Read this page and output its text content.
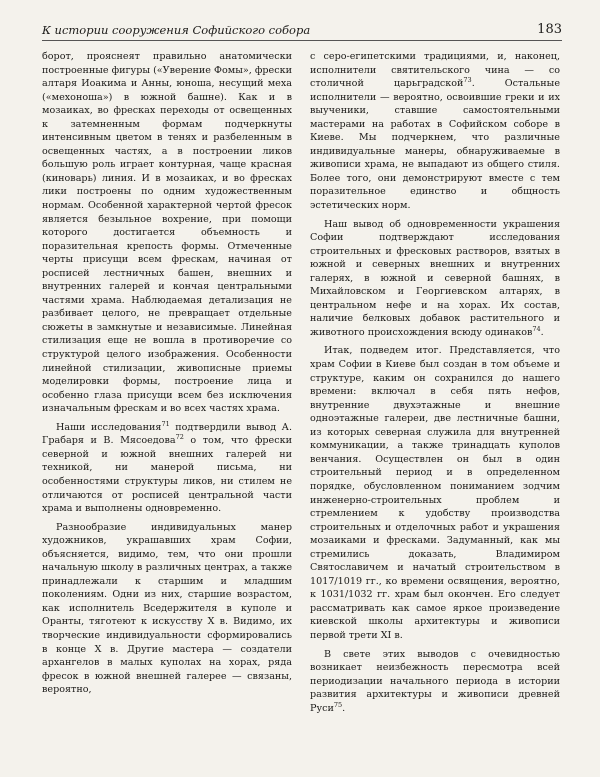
К истории сооружения Софийского собора	183

борот, прояснеят правильно анатомически построенные фигуры («Уверение Фомы», фрески алтаря Иоакима и Анны, юноша, несущий меха («мехоноша») в южной башне). Как и в мозаиках, во фресках переходы от освещенных к затемненным формам подчеркнуты интенсивным цветом в тенях и разбеленным в освещенных частях, а в построении ликов большую роль играет контурная, чаще красная (киноварь) линия. И в мозаиках, и во фресках лики построены по одним художественным нормам. Особенной характерной чертой фресок является безыльное вохрение, при помощи которого достигается объемность и поразительная крепость формы. Отмеченные черты присущи всем фрескам, начиная от росписей лестничных башен, внешних и внутренних галерей и кончая центральными частями храма. Наблюдаемая детализация не разбивает целого, не превращает отдельные сюжеты в замкнутые и независимые. Линейная стилизация еще не вошла в противоречие со структурой целого изображения. Особенности линейной стилизации, живописные приемы моделировки формы, построение лица и особенно глаза присущи всем без исключения изначальным фрескам и во всех частях храма.

Наши исследования$^{71}$ подтвердили вывод А. Грабаря и В. Мясоедова$^{72}$ о том, что фрески северной и южной внешних галерей ни техникой, ни манерой письма, ни особенностями структуры ликов, ни стилем не отличаются от росписей центральной части храма и выполнены одновременно.

Разнообразие индивидуальных манер художников, украшавших храм Софии, объясняется, видимо, тем, что они прошли начальную школу в различных центрах, а также принадлежали к старшим и младшим поколениям. Одни из них, старшие возрастом, как исполнитель Вседержителя в куполе и Оранты, тяготеют к искусству X в. Видимо, их творческие индивидуальности сформировались в конце X в. Другие мастера — создатели архангелов в малых куполах на хорах, ряда фресок в южной внешней галерее — связаны, вероятно,

с серо-египетскими традициями, и, наконец, исполнители святительского чина — со столичной царьградской$^{73}$. Остальные исполнители — вероятно, освоившие греки и их выученики, ставшие самостоятельными мастерами на работах в Софийском соборе в Киеве. Мы подчеркнем, что различные индивидуальные манеры, обнаруживаемые в живописи храма, не выпадают из общего стиля. Более того, они демонстрируют вместе с тем поразительное единство и общность эстетических норм.

Наш вывод об одновременности украшения Софии подтверждают исследования строительных и фресковых растворов, взятых в южной и северных внешних и внутренних галерях, в южной и северной башнях, в Михайловском и Георгиевском алтарях, в центральном нефе и на хорах. Их состав, наличие белковых добавок растительного и животного происхождения всюду одинаков$^{74}$.

Итак, подведем итог. Представляется, что храм Софии в Киеве был создан в том объеме и структуре, каким он сохранился до нашего времени: включал в себя пять нефов, внутренние двухэтажные и внешние одноэтажные галереи, две лестничные башни, из которых северная служила для внутренней коммуникации, а также тринадцать куполов венчания. Осуществлен он был в один строительный период и в определенном порядке, обусловленном пониманием зодчим инженерно-строительных проблем и стремлением к удобству производства строительных и отделочных работ и украшения мозаиками и фресками. Задуманный, как мы стремились доказать, Владимиром Святославичем и начатый строительством в 1017/1019 гг., ко времени освящения, вероятно, к 1031/1032 гг. храм был окончен. Его следует рассматривать как самое яркое произведение киевской школы архитектуры и живописи первой трети XI в.

В свете этих выводов с очевидностью возникает неизбежность пересмотра всей периодизации начального периода в истории развития архитектуры и живописи древней Руси$^{75}$.
